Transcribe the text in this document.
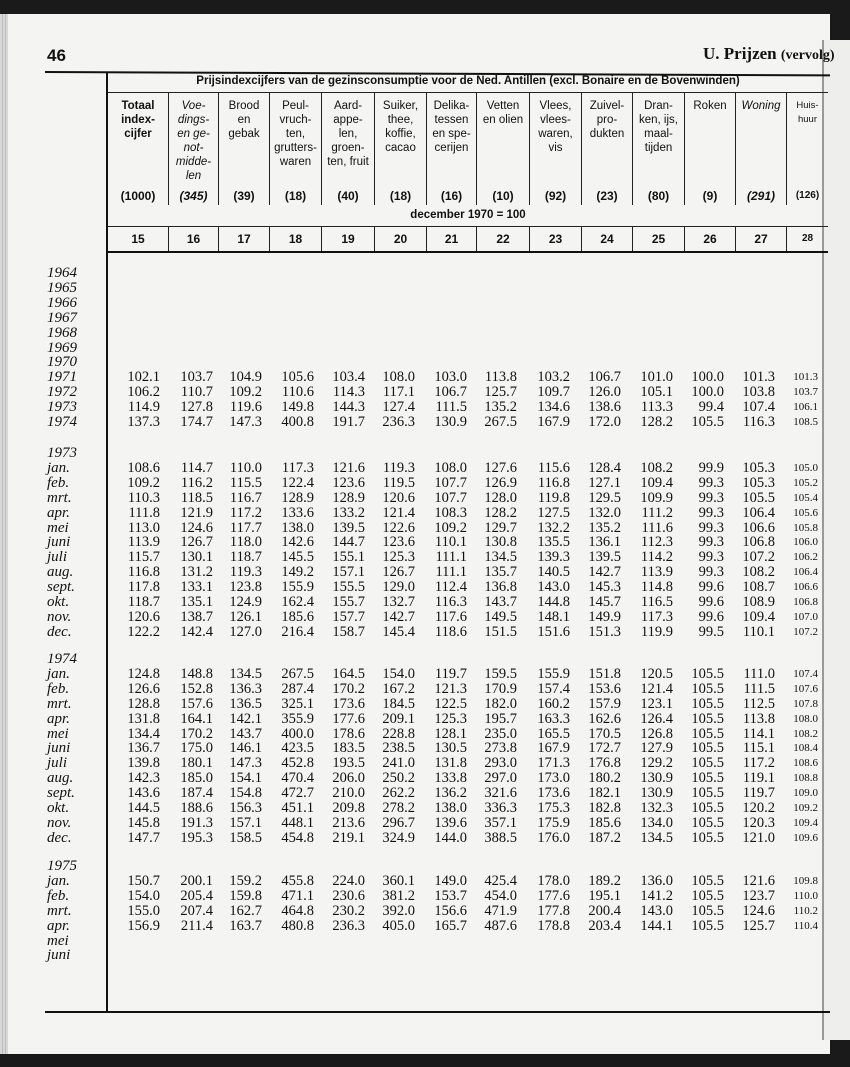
46	U. Prijzen (vervolg)
Prijsindexcijfers van de gezinsconsumptie voor de Ned. Antillen (excl. Bonaire en de Bovenwinden)
Totaal index-​cijfer
(1000)
Voe-​dings-​en ge-​not-​midde-​len
(345)
Brood en gebak
(39)
Peul-​vruch-​ten, grutters-​waren
(18)
Aard-​appe-​len, groen-​ten, fruit
(40)
Suiker, thee, koffie, cacao
(18)
Delika-​tessen en spe-​cerijen
(16)
Vetten en olien
(10)
Vlees, vlees-​waren, vis
(92)
Zuivel-​pro-​dukten
(23)
Dran-​ken, ijs, maal-​tijden
(80)
Roken
(9)
Woning
(291)
Huis-​huur
(126)
december 1970 = 100
15	16	17	18	19	20	21	22	23	24	25	26	27	28
1964
1965
1966
1967
1968
1969
1970
1971	102.1	103.7	104.9	105.6	103.4	108.0	103.0	113.8	103.2	106.7	101.0	100.0	101.3	101.3
1972	106.2	110.7	109.2	110.6	114.3	117.1	106.7	125.7	109.7	126.0	105.1	100.0	103.8	103.7
1973	114.9	127.8	119.6	149.8	144.3	127.4	111.5	135.2	134.6	138.6	113.3	99.4	107.4	106.1
1974	137.3	174.7	147.3	400.8	191.7	236.3	130.9	267.5	167.9	172.0	128.2	105.5	116.3	108.5
1973
jan.	108.6	114.7	110.0	117.3	121.6	119.3	108.0	127.6	115.6	128.4	108.2	99.9	105.3	105.0
feb.	109.2	116.2	115.5	122.4	123.6	119.5	107.7	126.9	116.8	127.1	109.4	99.3	105.3	105.2
mrt.	110.3	118.5	116.7	128.9	128.9	120.6	107.7	128.0	119.8	129.5	109.9	99.3	105.5	105.4
apr.	111.8	121.9	117.2	133.6	133.2	121.4	108.3	128.2	127.5	132.0	111.2	99.3	106.4	105.6
mei	113.0	124.6	117.7	138.0	139.5	122.6	109.2	129.7	132.2	135.2	111.6	99.3	106.6	105.8
juni	113.9	126.7	118.0	142.6	144.7	123.6	110.1	130.8	135.5	136.1	112.3	99.3	106.8	106.0
juli	115.7	130.1	118.7	145.5	155.1	125.3	111.1	134.5	139.3	139.5	114.2	99.3	107.2	106.2
aug.	116.8	131.2	119.3	149.2	157.1	126.7	111.1	135.7	140.5	142.7	113.9	99.3	108.2	106.4
sept.	117.8	133.1	123.8	155.9	155.5	129.0	112.4	136.8	143.0	145.3	114.8	99.6	108.7	106.6
okt.	118.7	135.1	124.9	162.4	155.7	132.7	116.3	143.7	144.8	145.7	116.5	99.6	108.9	106.8
nov.	120.6	138.7	126.1	185.6	157.7	142.7	117.6	149.5	148.1	149.9	117.3	99.6	109.4	107.0
dec.	122.2	142.4	127.0	216.4	158.7	145.4	118.6	151.5	151.6	151.3	119.9	99.5	110.1	107.2
1974
jan.	124.8	148.8	134.5	267.5	164.5	154.0	119.7	159.5	155.9	151.8	120.5	105.5	111.0	107.4
feb.	126.6	152.8	136.3	287.4	170.2	167.2	121.3	170.9	157.4	153.6	121.4	105.5	111.5	107.6
mrt.	128.8	157.6	136.5	325.1	173.6	184.5	122.5	182.0	160.2	157.9	123.1	105.5	112.5	107.8
apr.	131.8	164.1	142.1	355.9	177.6	209.1	125.3	195.7	163.3	162.6	126.4	105.5	113.8	108.0
mei	134.4	170.2	143.7	400.0	178.6	228.8	128.1	235.0	165.5	170.5	126.8	105.5	114.1	108.2
juni	136.7	175.0	146.1	423.5	183.5	238.5	130.5	273.8	167.9	172.7	127.9	105.5	115.1	108.4
juli	139.8	180.1	147.3	452.8	193.5	241.0	131.8	293.0	171.3	176.8	129.2	105.5	117.2	108.6
aug.	142.3	185.0	154.1	470.4	206.0	250.2	133.8	297.0	173.0	180.2	130.9	105.5	119.1	108.8
sept.	143.6	187.4	154.8	472.7	210.0	262.2	136.2	321.6	173.6	182.1	130.9	105.5	119.7	109.0
okt.	144.5	188.6	156.3	451.1	209.8	278.2	138.0	336.3	175.3	182.8	132.3	105.5	120.2	109.2
nov.	145.8	191.3	157.1	448.1	213.6	296.7	139.6	357.1	175.9	185.6	134.0	105.5	120.3	109.4
dec.	147.7	195.3	158.5	454.8	219.1	324.9	144.0	388.5	176.0	187.2	134.5	105.5	121.0	109.6
1975
jan.	150.7	200.1	159.2	455.8	224.0	360.1	149.0	425.4	178.0	189.2	136.0	105.5	121.6	109.8
feb.	154.0	205.4	159.8	471.1	230.6	381.2	153.7	454.0	177.6	195.1	141.2	105.5	123.7	110.0
mrt.	155.0	207.4	162.7	464.8	230.2	392.0	156.6	471.9	177.8	200.4	143.0	105.5	124.6	110.2
apr.	156.9	211.4	163.7	480.8	236.3	405.0	165.7	487.6	178.8	203.4	144.1	105.5	125.7	110.4
mei
juni
